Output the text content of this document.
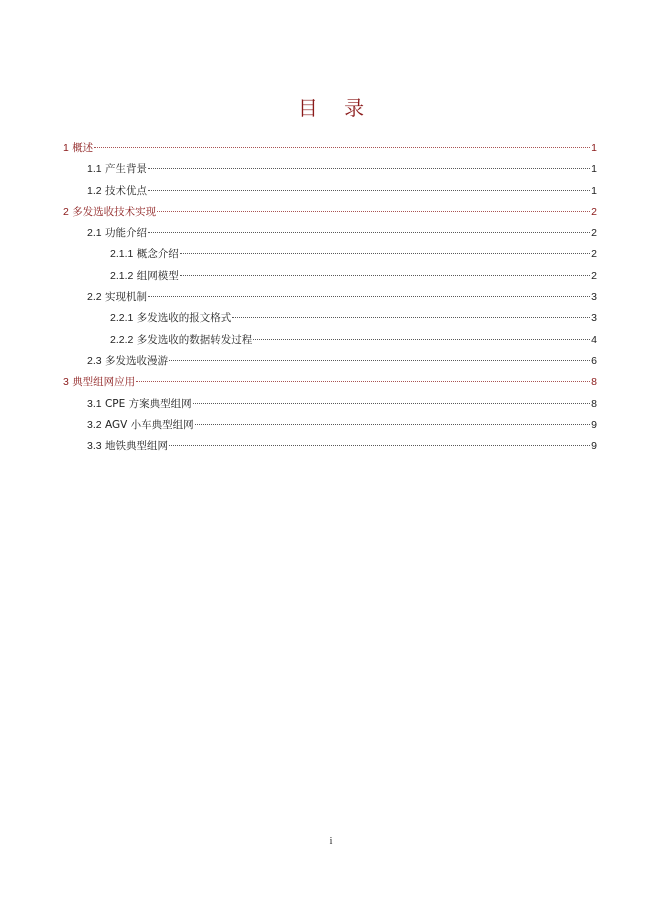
目 录
1 概述	1
1.1 产生背景	1
1.2 技术优点	1
2 多发选收技术实现	2
2.1 功能介绍	2
2.1.1 概念介绍	2
2.1.2 组网模型	2
2.2 实现机制	3
2.2.1 多发选收的报文格式	3
2.2.2 多发选收的数据转发过程	4
2.3 多发选收漫游	6
3 典型组网应用	8
3.1 CPE 方案典型组网	8
3.2 AGV 小车典型组网	9
3.3 地铁典型组网	9
i
